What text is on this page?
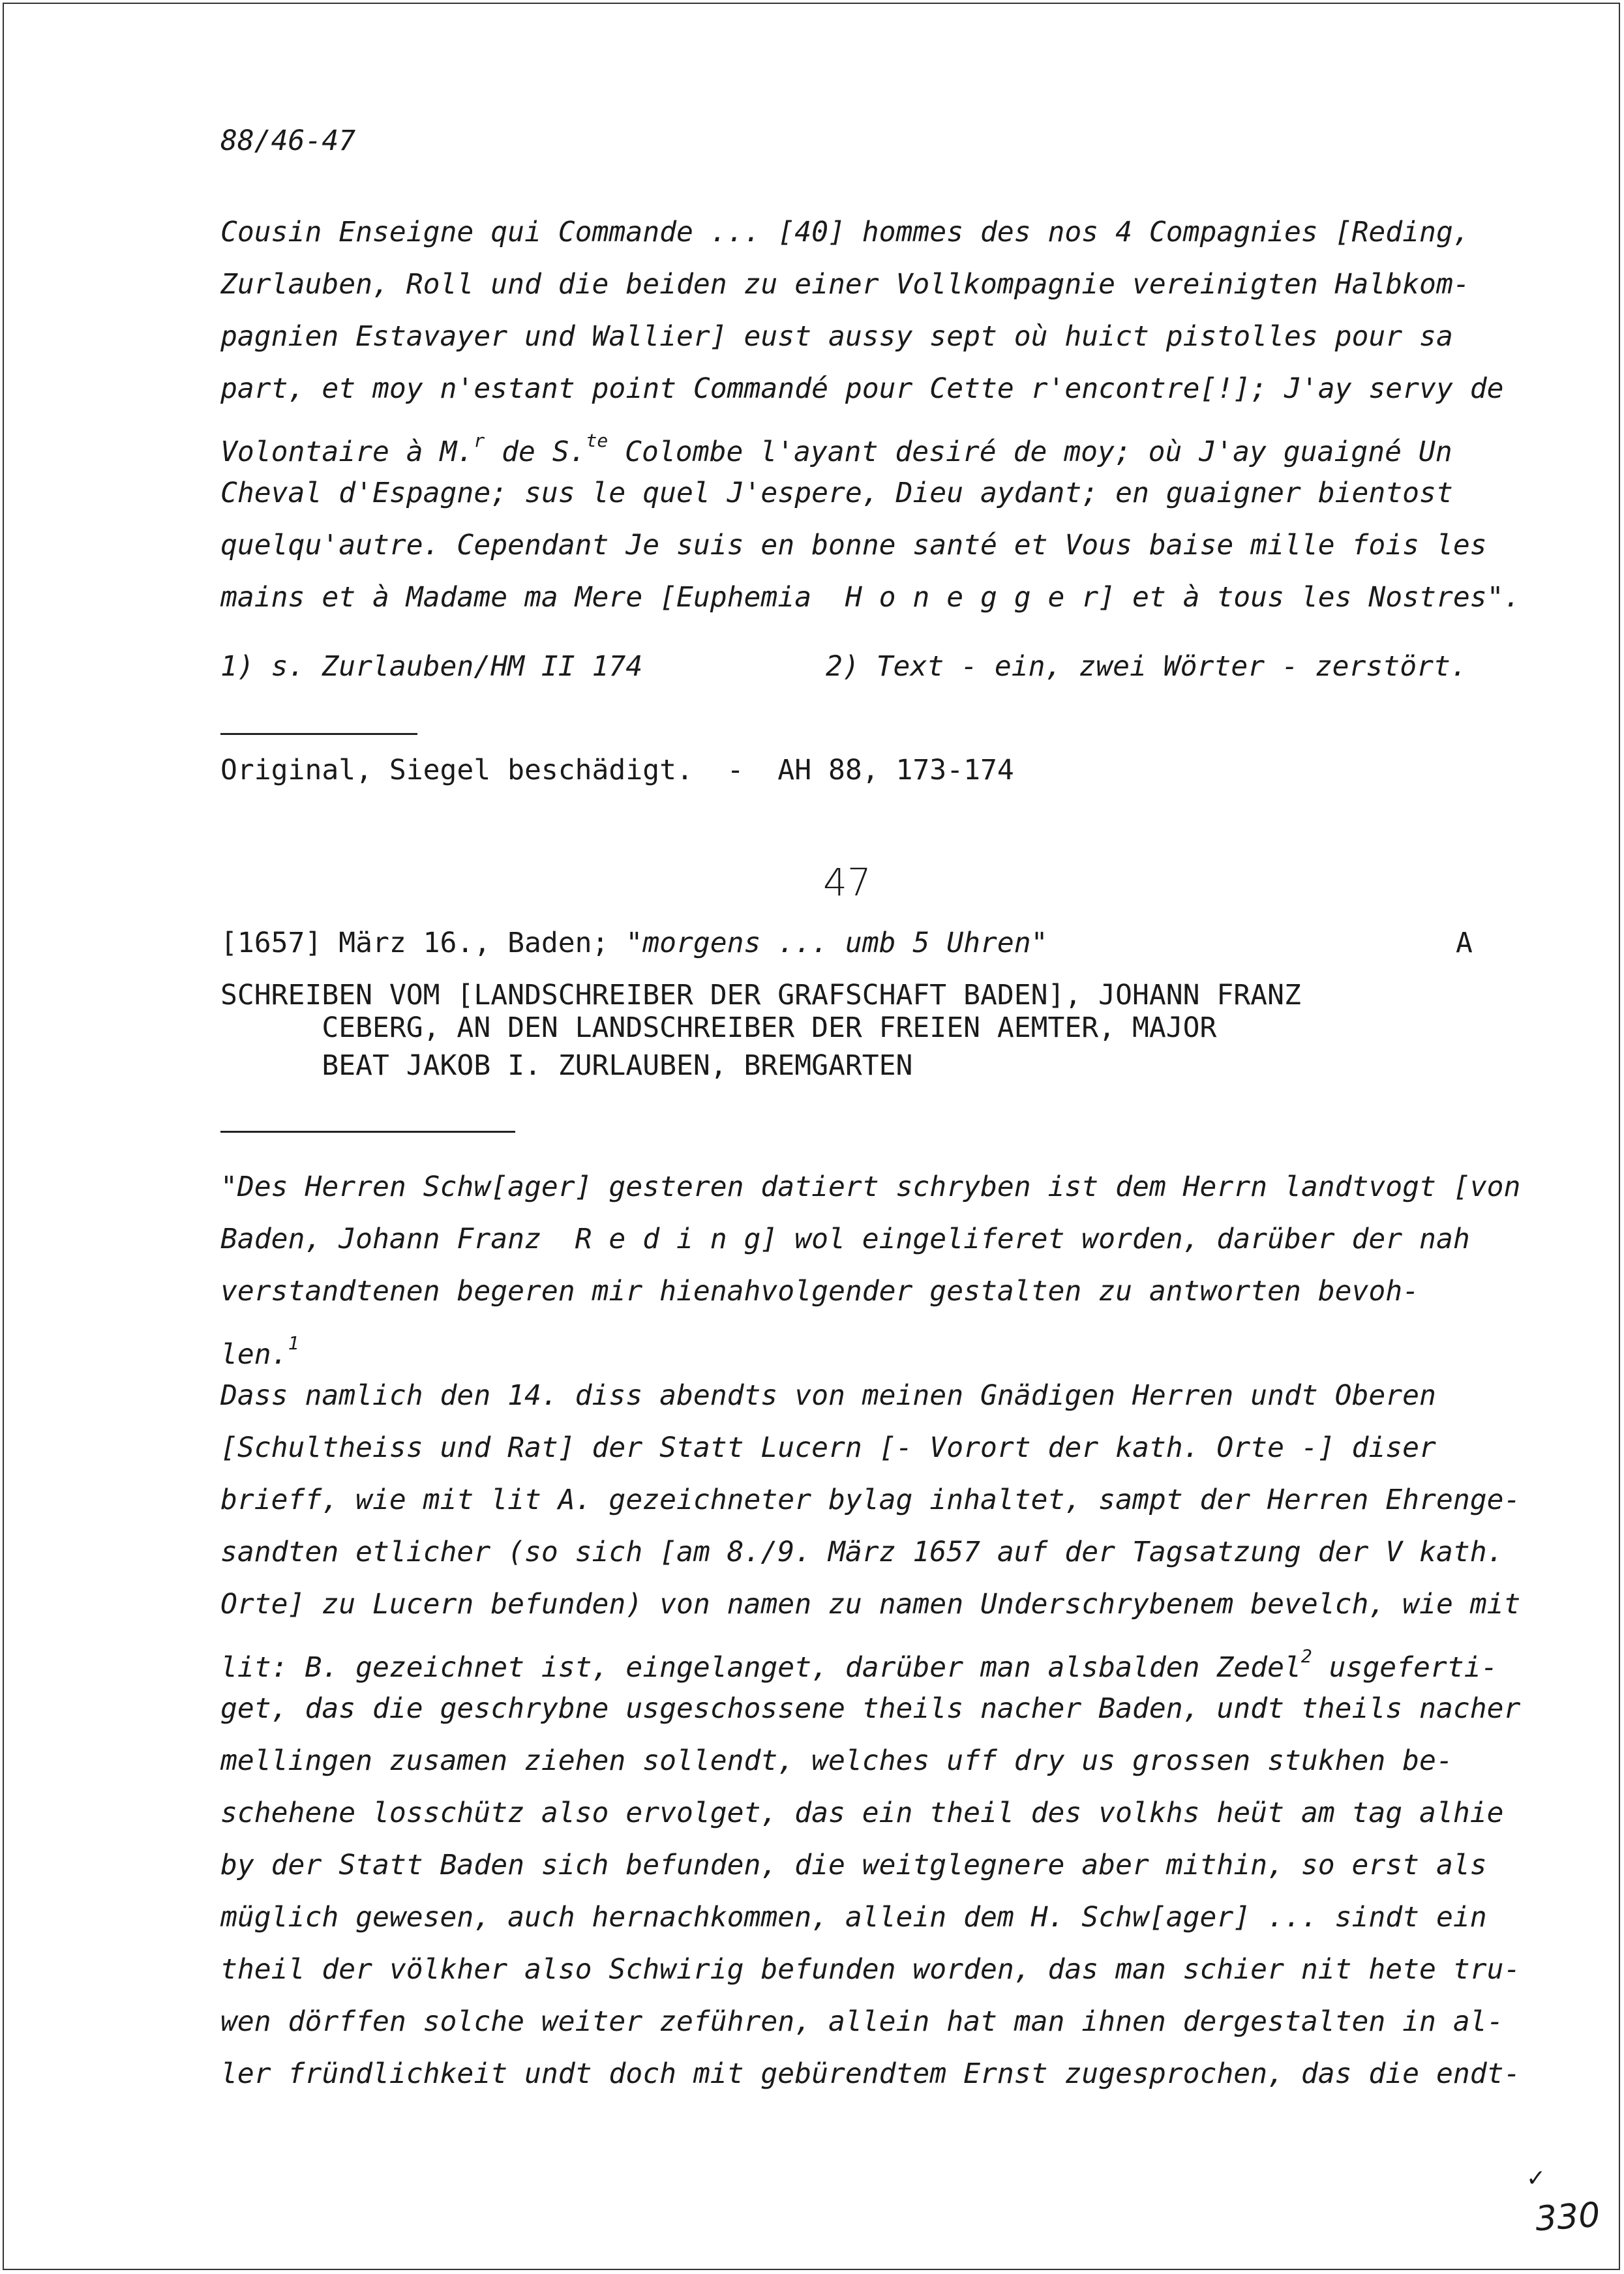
88/46-47
Cousin Enseigne qui Commande ... [40] hommes des nos 4 Compagnies [Reding,
Zurlauben, Roll und die beiden zu einer Vollkompagnie vereinigten Halbkom-
pagnien Estavayer und Wallier] eust aussy sept où huict pistolles pour sa
part, et moy n'estant point Commandé pour Cette r'encontre[!]; J'ay servy de
Volontaire à M.$^r$ de S.$^{te}$ Colombe l'ayant desiré de moy; où J'ay guaigné Un
Cheval d'Espagne; sus le quel J'espere, Dieu aydant; en guaigner bientost
quelqu'autre. Cependant Je suis en bonne santé et Vous baise mille fois les
mains et à Madame ma Mere [Euphemia  H o n e g g e r] et à tous les Nostres".
1) s. Zurlauben/HM II 174	2) Text - ein, zwei Wörter - zerstört.
Original, Siegel beschädigt.  -  AH 88, 173-174
47
[1657] März 16., Baden; "morgens ... umb 5 Uhren"	A
SCHREIBEN VOM [LANDSCHREIBER DER GRAFSCHAFT BADEN], JOHANN FRANZ
CEBERG, AN DEN LANDSCHREIBER DER FREIEN AEMTER, MAJOR
BEAT JAKOB I. ZURLAUBEN, BREMGARTEN
"Des Herren Schw[ager] gesteren datiert schryben ist dem Herrn landtvogt [von
Baden, Johann Franz  R e d i n g] wol eingeliferet worden, darüber der nah
verstandtenen begeren mir hienahvolgender gestalten zu antworten bevoh-
len.$^1$
Dass namlich den 14. diss abendts von meinen Gnädigen Herren undt Oberen
[Schultheiss und Rat] der Statt Lucern [- Vorort der kath. Orte -] diser
brieff, wie mit lit A. gezeichneter bylag inhaltet, sampt der Herren Ehrenge-
sandten etlicher (so sich [am 8./9. März 1657 auf der Tagsatzung der V kath.
Orte] zu Lucern befunden) von namen zu namen Underschrybenem bevelch, wie mit
lit: B. gezeichnet ist, eingelanget, darüber man alsbalden Zedel$^2$ usgeferti-
get, das die geschrybne usgeschossene theils nacher Baden, undt theils nacher
mellingen zusamen ziehen sollendt, welches uff dry us grossen stukhen be-
schehene losschütz also ervolget, das ein theil des volkhs heüt am tag alhie
by der Statt Baden sich befunden, die weitglegnere aber mithin, so erst als
müglich gewesen, auch hernachkommen, allein dem H. Schw[ager] ... sindt ein
theil der völkher also Schwirig befunden worden, das man schier nit hete tru-
wen dörffen solche weiter zeführen, allein hat man ihnen dergestalten in al-
ler fründlichkeit undt doch mit gebürendtem Ernst zugesprochen, das die endt-
✓
330
